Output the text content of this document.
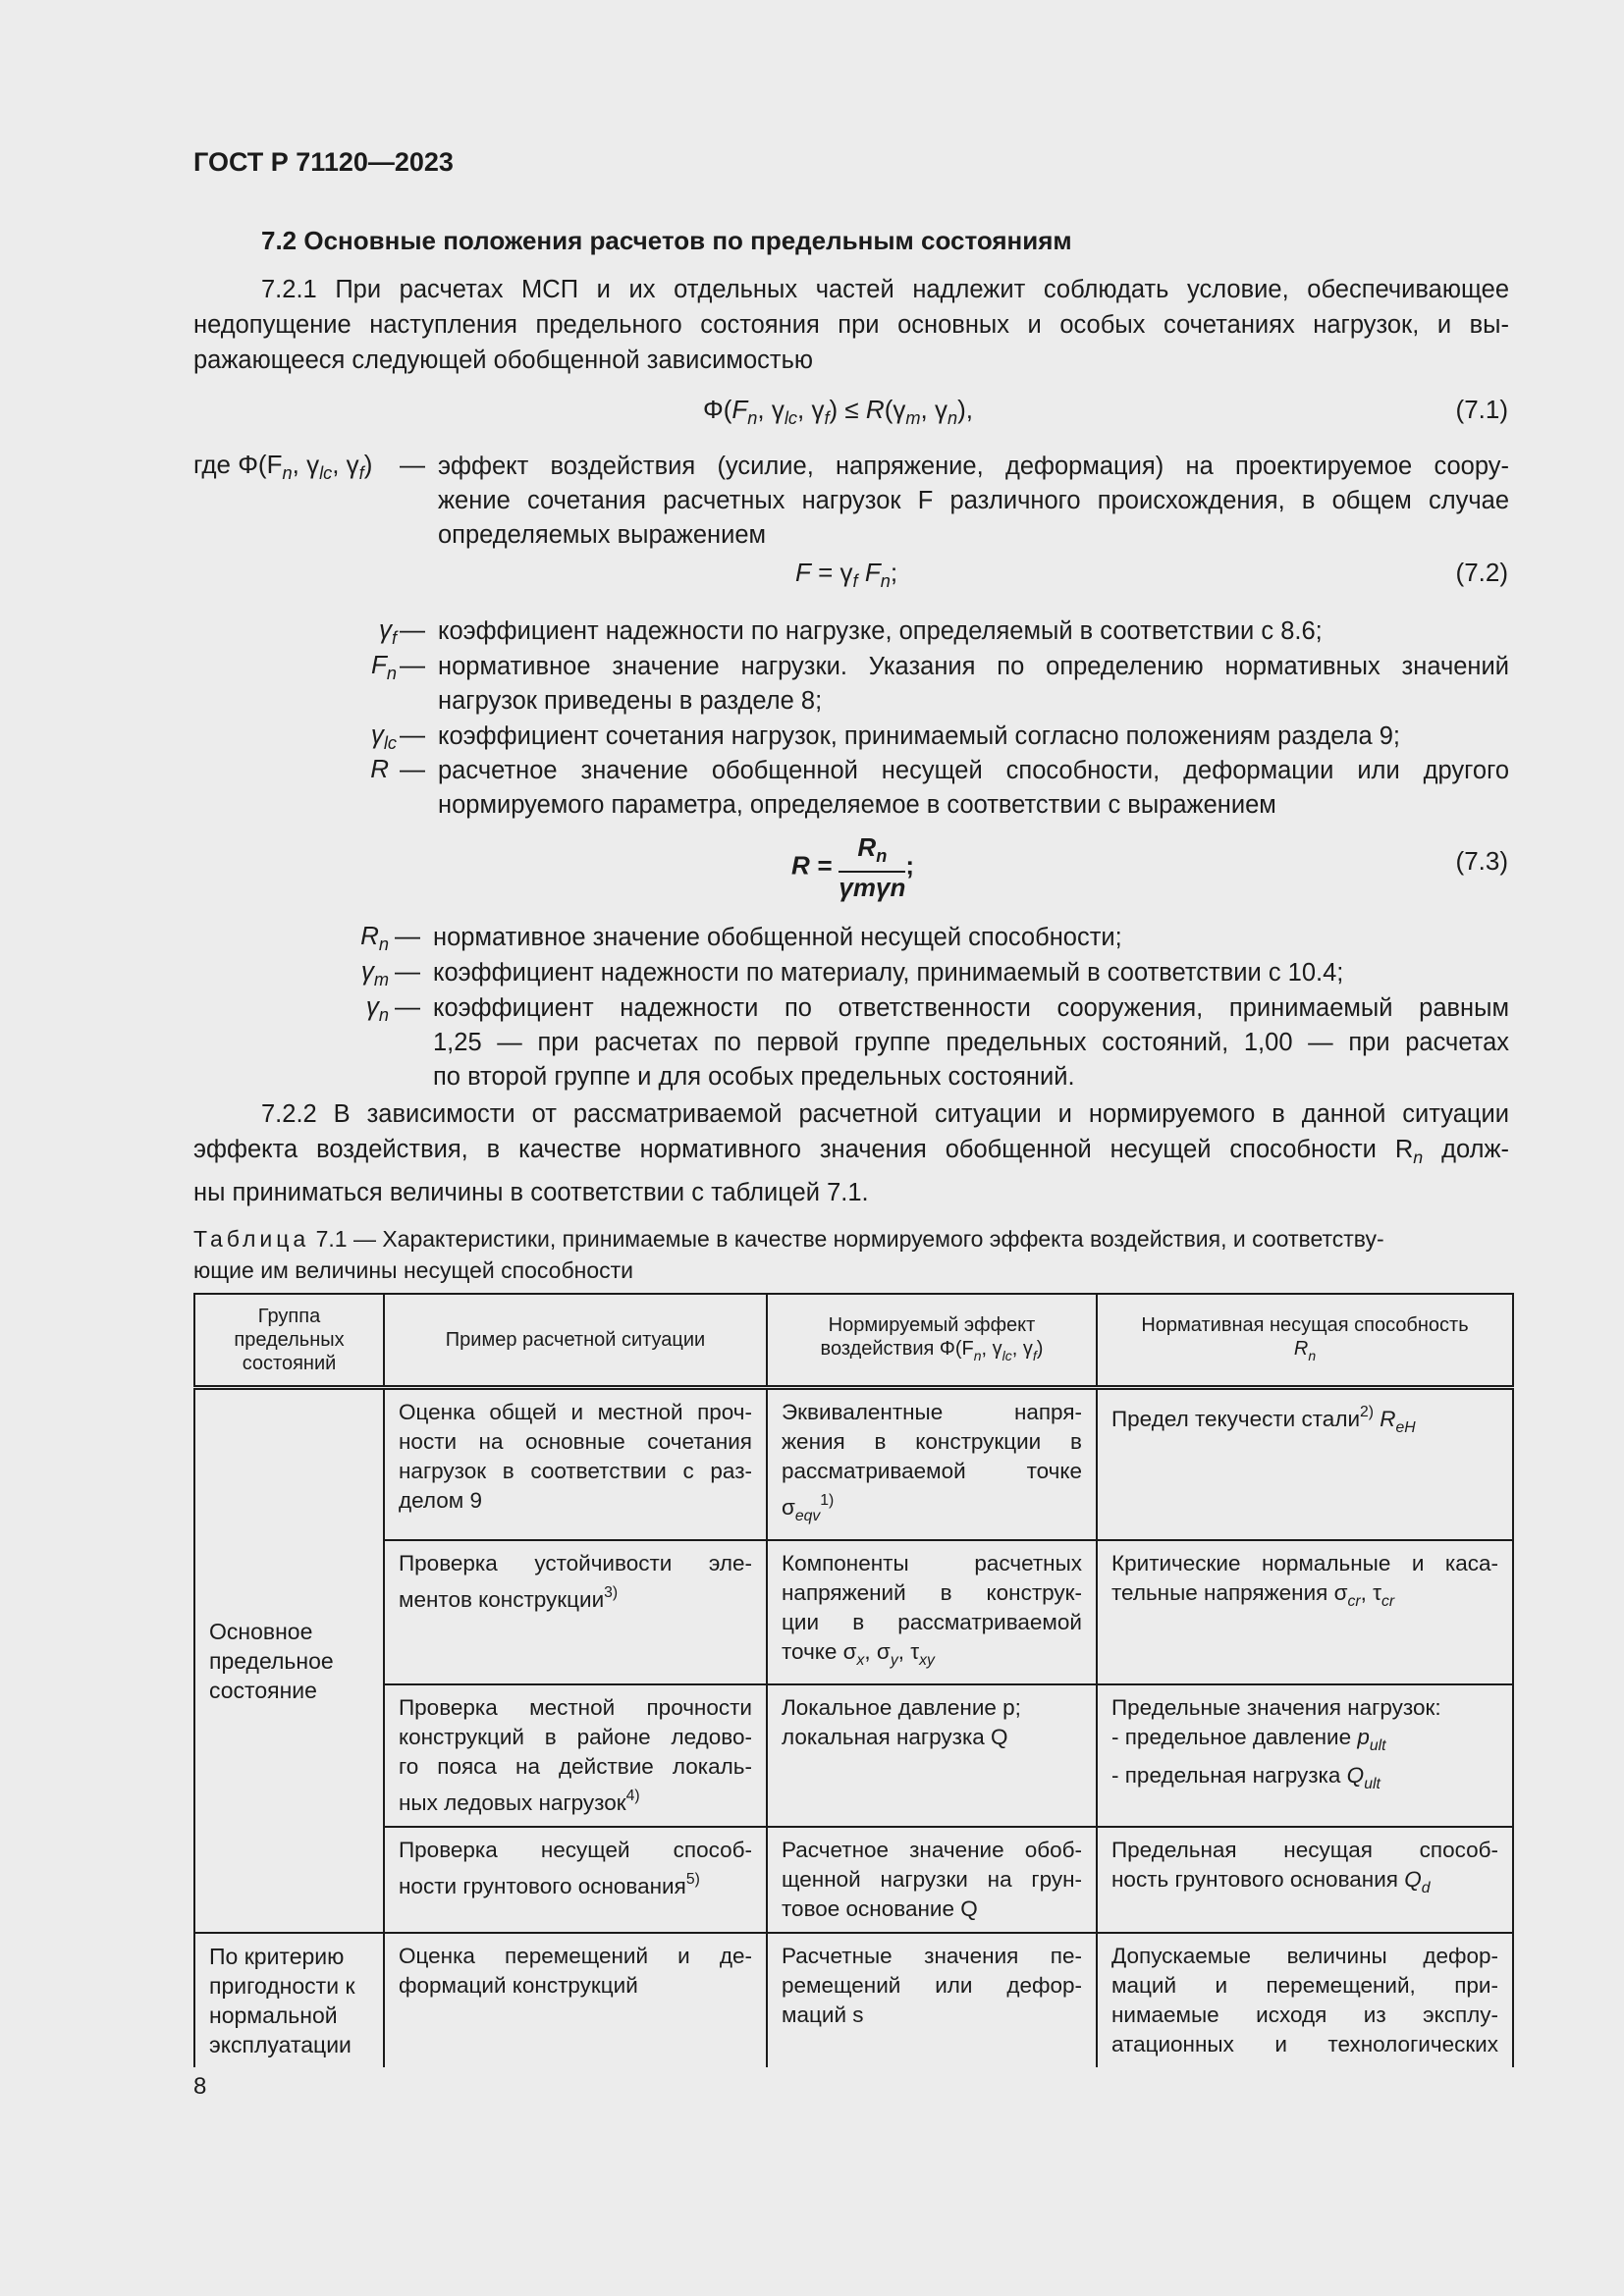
ГОСТ Р 71120—2023
7.2 Основные положения расчетов по предельным состояниям
7.2.1 При расчетах МСП и их отдельных частей надлежит соблюдать условие, обеспечивающее
недопущение наступления предельного состояния при основных и особых сочетаниях нагрузок, и вы-
ражающееся следующей обобщенной зависимостью
$\Phi(F_n$, $\gamma_{lc}$, $\gamma_f) \le R(\gamma_m$, $\gamma_n$),	(7.1)
где $\Phi(F_n$, $\gamma_{lc}$, $\gamma_f$) — эффект воздействия (усилие, напряжение, деформация) на проектируемое соору-
жение сочетания расчетных нагрузок F различного происхождения, в общем случае
определяемых выражением
$F = \gamma_f$ $F_n$;	(7.2)
$\gamma_f$ — коэффициент надежности по нагрузке, определяемый в соответствии с 8.6;
$F_n$ — нормативное значение нагрузки. Указания по определению нормативных значений
нагрузок приведены в разделе 8;
$\gamma_{lc}$ — коэффициент сочетания нагрузок, принимаемый согласно положениям раздела 9;
R — расчетное значение обобщенной несущей способности, деформации или другого
нормируемого параметра, определяемое в соответствии с выражением
$R = \frac{R_n}{\text{γmγn}}$ ;	(7.3)
$R_n$ — нормативное значение обобщенной несущей способности;
$\gamma_m$ — коэффициент надежности по материалу, принимаемый в соответствии с 10.4;
$\gamma_n$ — коэффициент надежности по ответственности сооружения, принимаемый равным
1,25 — при расчетах по первой группе предельных состояний, 1,00 — при расчетах
по второй группе и для особых предельных состояний.
7.2.2 В зависимости от рассматриваемой расчетной ситуации и нормируемого в данной ситуации
эффекта воздействия, в качестве нормативного значения обобщенной несущей способности $R_n$ долж-
ны приниматься величины в соответствии с таблицей 7.1.
Таблица 7.1 — Характеристики, принимаемые в качестве нормируемого эффекта воздействия, и соответству-
ющие им величины несущей способности
Группа предельных состояний	Пример расчетной ситуации	Нормируемый эффект воздействия $\Phi(F_n$, $\gamma_{lc}$, $\gamma_f$)	Нормативная несущая способность
$R_n$
Основное предельное состояние	Оценка общей и местной проч-
ности на основные сочетания
нагрузок в соответствии с раз-
делом 9	Эквивалентные напря-
жения в конструкции в
рассматриваемой точке
$\sigma_{eqv}^{1)}$	Предел текучести стали$^{2)}$ $R_{eH}$

	Проверка устойчивости эле-
ментов конструкции$^{3)}$	Компоненты расчетных
напряжений в конструк-
ции в рассматриваемой
точке $\sigma_x$, $\sigma_y$, $\tau_{xy}$	Критические нормальные и каса-
тельные напряжения $\sigma_{cr}$, $\tau_{cr}$

	Проверка местной прочности
конструкций в районе ледово-
го пояса на действие локаль-
ных ледовых нагрузок$^{4)}$	Локальное давление p;
локальная нагрузка Q	Предельные значения нагрузок:
- предельное давление $p_{ult}$
- предельная нагрузка $Q_{ult}$

	Проверка несущей способ-
ности грунтового основания$^{5)}$	Расчетное значение обоб-
щенной нагрузки на грун-
товое основание Q	Предельная несущая способ-
ность грунтового основания $Q_d$

По критерию пригодности к нормальной эксплуатации	Оценка перемещений и де-
формаций конструкций	Расчетные значения пе-
ремещений или дефор-
маций s	Допускаемые величины дефор-
маций и перемещений, при-
нимаемые исходя из эксплу-
атационных и технологических
8
